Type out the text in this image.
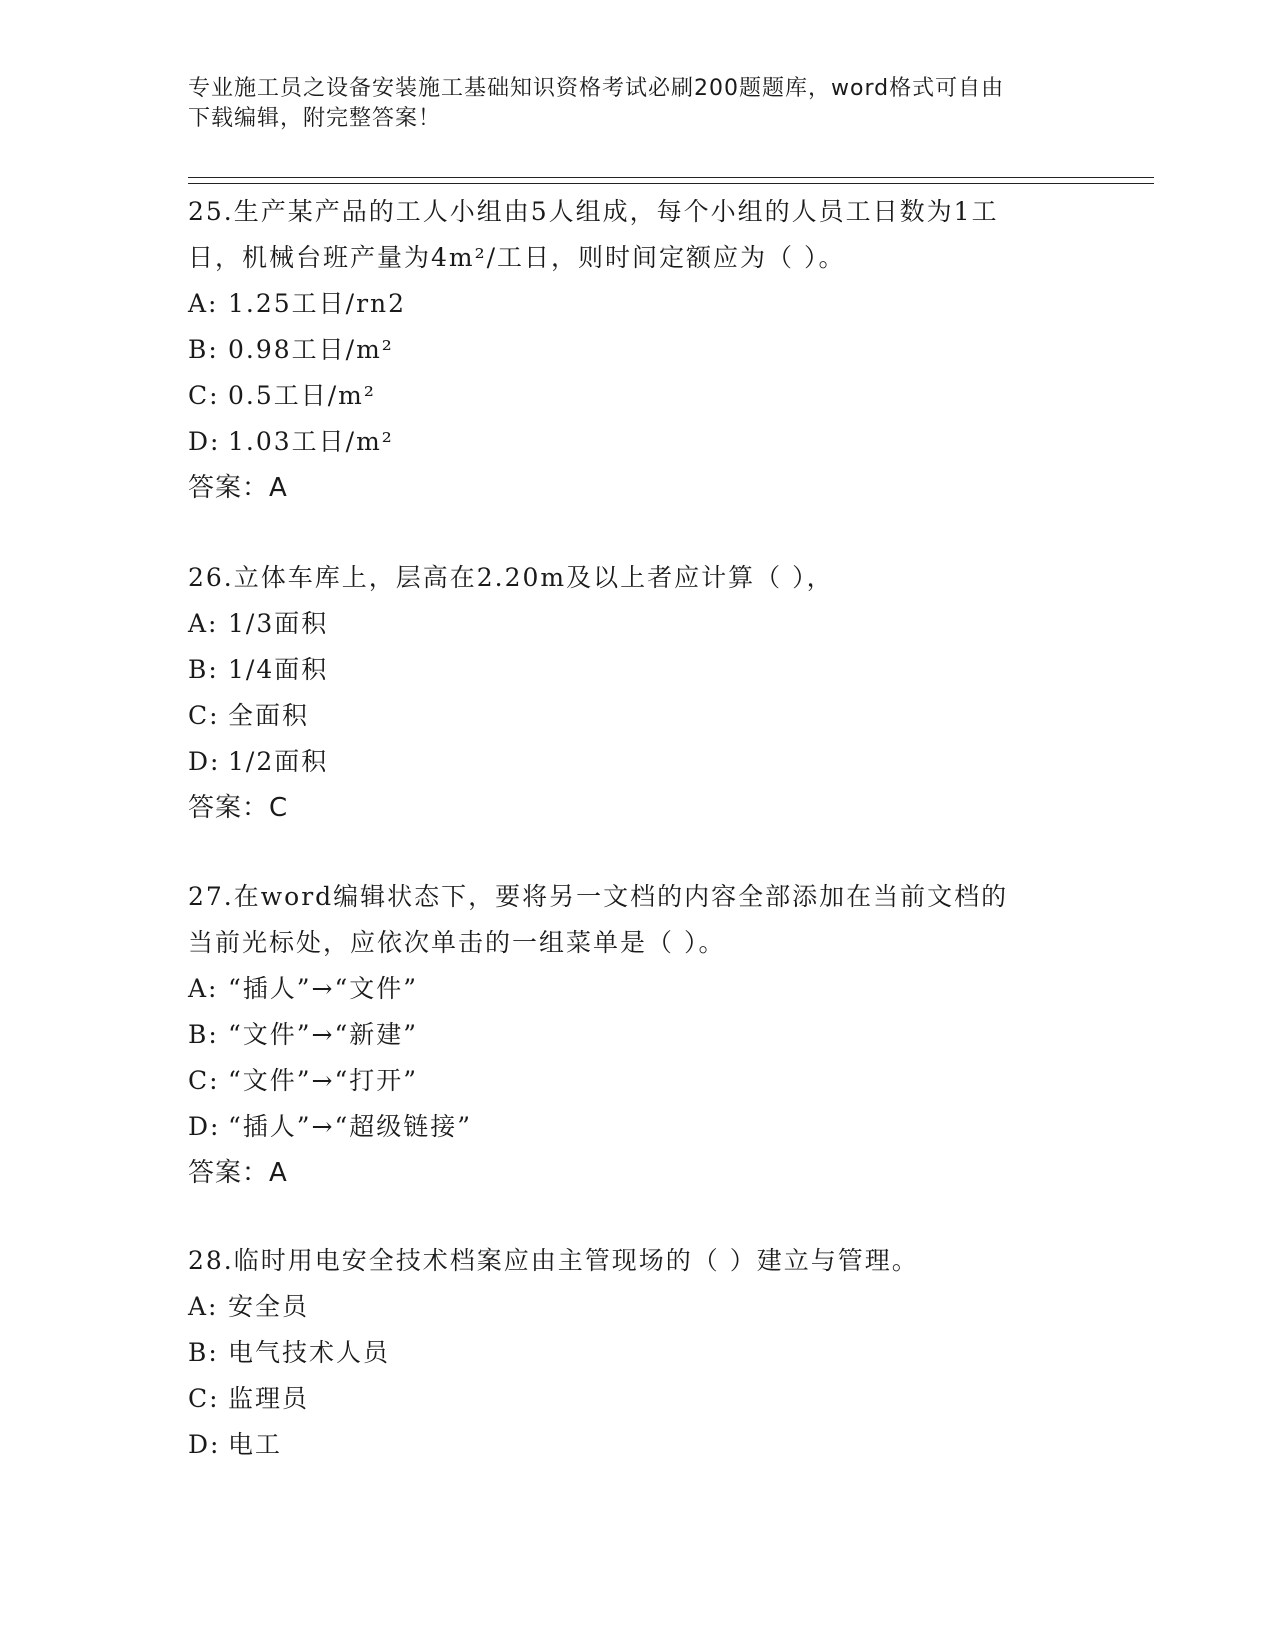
专业施工员之设备安装施工基础知识资格考试必刷200题题库，word格式可自由
下载编辑，附完整答案！
25.生产某产品的工人小组由5人组成，每个小组的人员工日数为1工
日，机械台班产量为4m²/工日，则时间定额应为（ ）。
A: 1.25工日/rn2
B: 0.98工日/m²
C: 0.5工日/m²
D: 1.03工日/m²
答案：A
26.立体车库上，层高在2.20m及以上者应计算（ ），
A: 1/3面积
B: 1/4面积
C: 全面积
D: 1/2面积
答案：C
27.在word编辑状态下，要将另一文档的内容全部添加在当前文档的
当前光标处，应依次单击的一组菜单是（ ）。
A: “插人”→“文件”
B: “文件”→“新建”
C: “文件”→“打开”
D: “插人”→“超级链接”
答案：A
28.临时用电安全技术档案应由主管现场的（ ）建立与管理。
A: 安全员
B: 电气技术人员
C: 监理员
D: 电工
